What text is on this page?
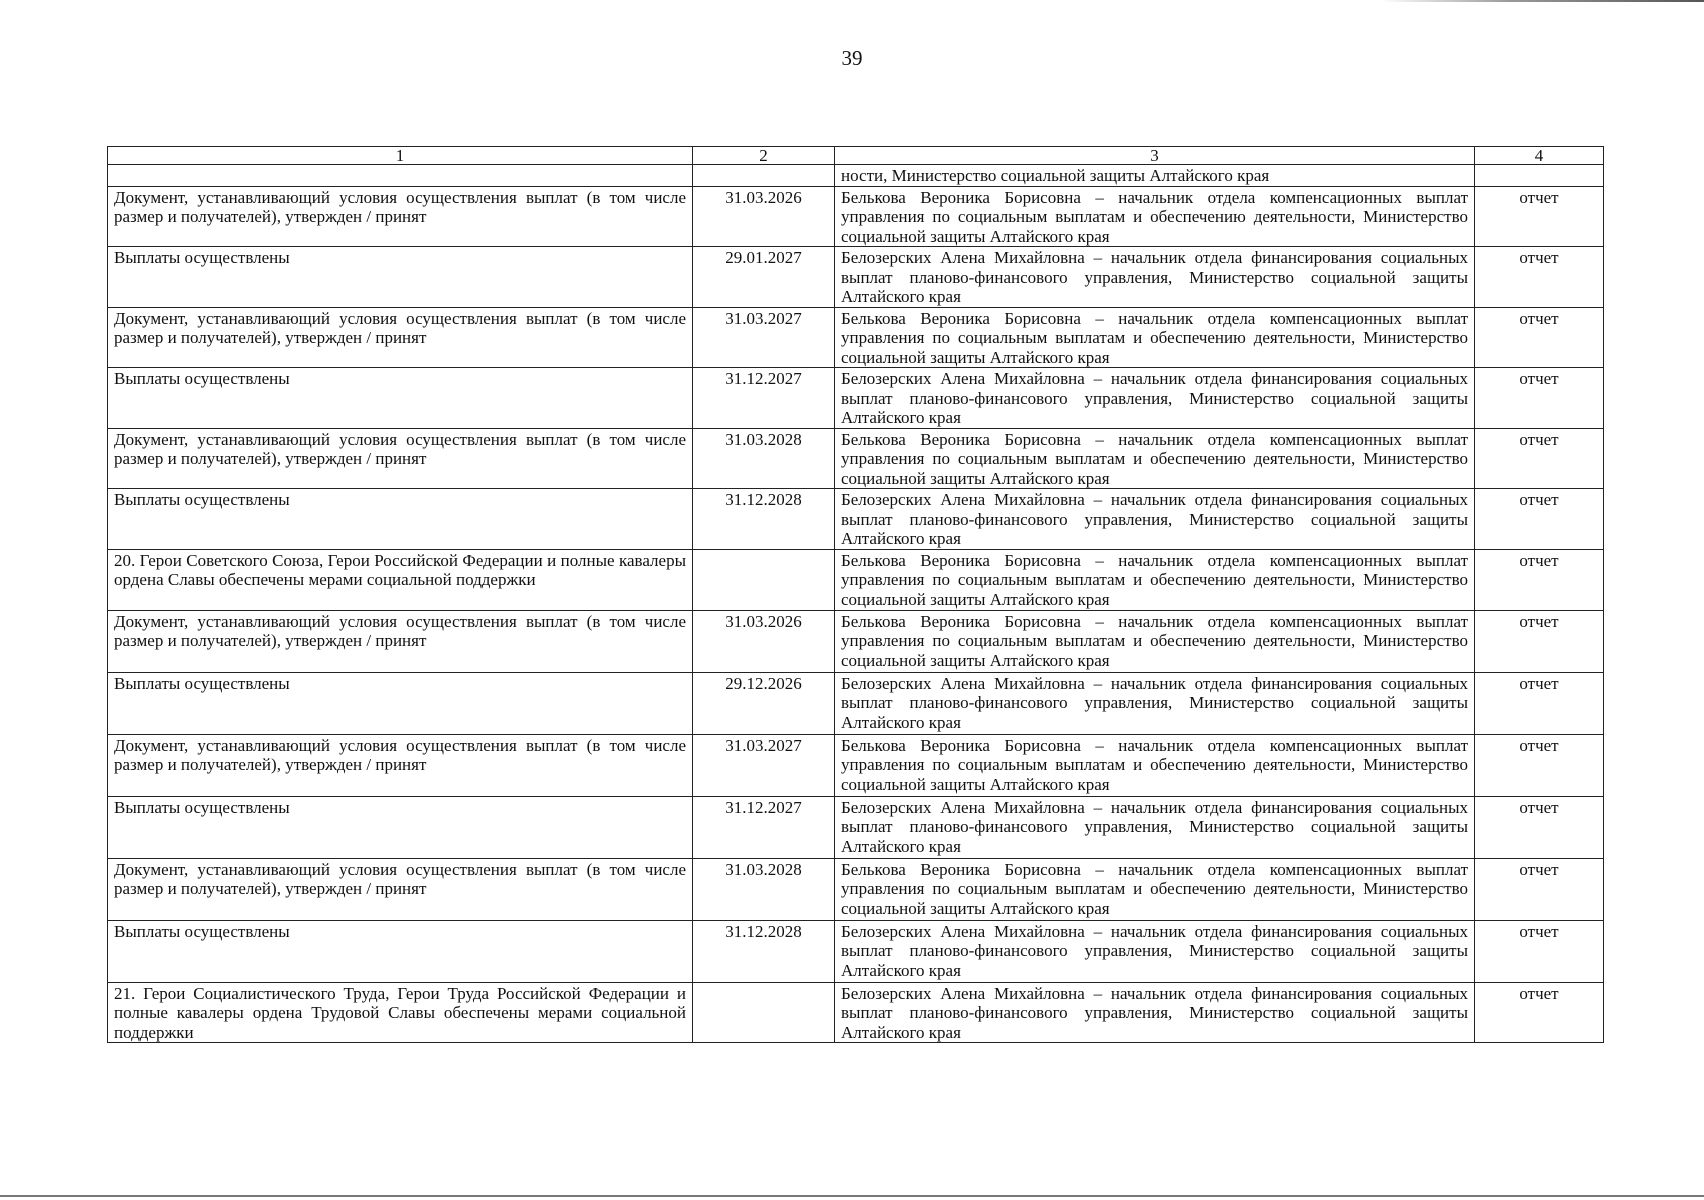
39
1	2	3	4
		ности, Министерство социальной защиты Алтайского края	
Документ, устанавливающий условия осуществления выплат (в том числе размер и получателей), утвержден / принят	31.03.2026	Белькова Вероника Борисовна – начальник отдела компенсационных выплат управления по социальным выплатам и обеспечению деятельности, Министерство социальной защиты Алтайского края	отчет
Выплаты осуществлены	29.01.2027	Белозерских Алена Михайловна – начальник отдела финансирования социальных выплат планово-финансового управления, Министерство социальной защиты Алтайского края	отчет
Документ, устанавливающий условия осуществления выплат (в том числе размер и получателей), утвержден / принят	31.03.2027	Белькова Вероника Борисовна – начальник отдела компенсационных выплат управления по социальным выплатам и обеспечению деятельности, Министерство социальной защиты Алтайского края	отчет
Выплаты осуществлены	31.12.2027	Белозерских Алена Михайловна – начальник отдела финансирования социальных выплат планово-финансового управления, Министерство социальной защиты Алтайского края	отчет
Документ, устанавливающий условия осуществления выплат (в том числе размер и получателей), утвержден / принят	31.03.2028	Белькова Вероника Борисовна – начальник отдела компенсационных выплат управления по социальным выплатам и обеспечению деятельности, Министерство социальной защиты Алтайского края	отчет
Выплаты осуществлены	31.12.2028	Белозерских Алена Михайловна – начальник отдела финансирования социальных выплат планово-финансового управления, Министерство социальной защиты Алтайского края	отчет
20. Герои Советского Союза, Герои Российской Федерации и полные кавалеры ордена Славы обеспечены мерами социальной поддержки		Белькова Вероника Борисовна – начальник отдела компенсационных выплат управления по социальным выплатам и обеспечению деятельности, Министерство социальной защиты Алтайского края	отчет
Документ, устанавливающий условия осуществления выплат (в том числе размер и получателей), утвержден / принят	31.03.2026	Белькова Вероника Борисовна – начальник отдела компенсационных выплат управления по социальным выплатам и обеспечению деятельности, Министерство социальной защиты Алтайского края	отчет
Выплаты осуществлены	29.12.2026	Белозерских Алена Михайловна – начальник отдела финансирования социальных выплат планово-финансового управления, Министерство социальной защиты Алтайского края	отчет
Документ, устанавливающий условия осуществления выплат (в том числе размер и получателей), утвержден / принят	31.03.2027	Белькова Вероника Борисовна – начальник отдела компенсационных выплат управления по социальным выплатам и обеспечению деятельности, Министерство социальной защиты Алтайского края	отчет
Выплаты осуществлены	31.12.2027	Белозерских Алена Михайловна – начальник отдела финансирования социальных выплат планово-финансового управления, Министерство социальной защиты Алтайского края	отчет
Документ, устанавливающий условия осуществления выплат (в том числе размер и получателей), утвержден / принят	31.03.2028	Белькова Вероника Борисовна – начальник отдела компенсационных выплат управления по социальным выплатам и обеспечению деятельности, Министерство социальной защиты Алтайского края	отчет
Выплаты осуществлены	31.12.2028	Белозерских Алена Михайловна – начальник отдела финансирования социальных выплат планово-финансового управления, Министерство социальной защиты Алтайского края	отчет
21. Герои Социалистического Труда, Герои Труда Российской Федерации и полные кавалеры ордена Трудовой Славы обеспечены мерами социальной поддержки		Белозерских Алена Михайловна – начальник отдела финансирования социальных выплат планово-финансового управления, Министерство социальной защиты Алтайского края	отчет
